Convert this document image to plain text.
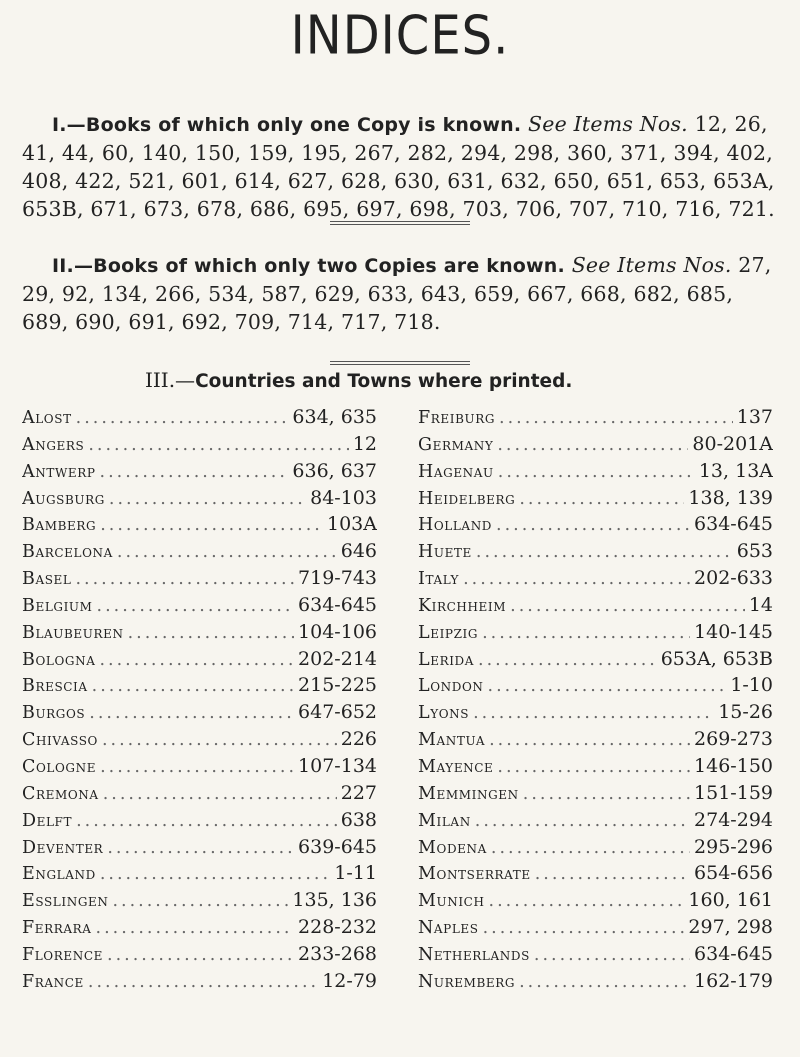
INDICES.
I.—Books of which only one Copy is known. See Items Nos. 12, 26, 41, 44, 60, 140, 150, 159, 195, 267, 282, 294, 298, 360, 371, 394, 402, 408, 422, 521, 601, 614, 627, 628, 630, 631, 632, 650, 651, 653, 653A, 653B, 671, 673, 678, 686, 695, 697, 698, 703, 706, 707, 710, 716, 721.
II.—Books of which only two Copies are known. See Items Nos. 27, 29, 92, 134, 266, 534, 587, 629, 633, 643, 659, 667, 668, 682, 685, 689, 690, 691, 692, 709, 714, 717, 718.
III.—Countries and Towns where printed.
Alost .....	634, 635
Angers .....	12
Antwerp .....	636, 637
Augsburg .....	84-103
Bamberg .....	103A
Barcelona .....	646
Basel .....	719-743
Belgium .....	634-645
Blaubeuren .....	104-106
Bologna .....	202-214
Brescia .....	215-225
Burgos .....	647-652
Chivasso .....	226
Cologne .....	107-134
Cremona .....	227
Delft .....	638
Deventer .....	639-645
England .....	1-11
Esslingen .....	135, 136
Ferrara .....	228-232
Florence .....	233-268
France .....	12-79
Freiburg .....	137
Germany .....	80-201A
Hagenau .....	13, 13A
Heidelberg .....	138, 139
Holland .....	634-645
Huete .....	653
Italy .....	202-633
Kirchheim .....	14
Leipzig .....	140-145
Lerida .....	653A, 653B
London .....	1-10
Lyons .....	15-26
Mantua .....	269-273
Mayence .....	146-150
Memmingen .....	151-159
Milan .....	274-294
Modena .....	295-296
Montserrate .....	654-656
Munich .....	160, 161
Naples .....	297, 298
Netherlands .....	634-645
Nuremberg .....	162-179
